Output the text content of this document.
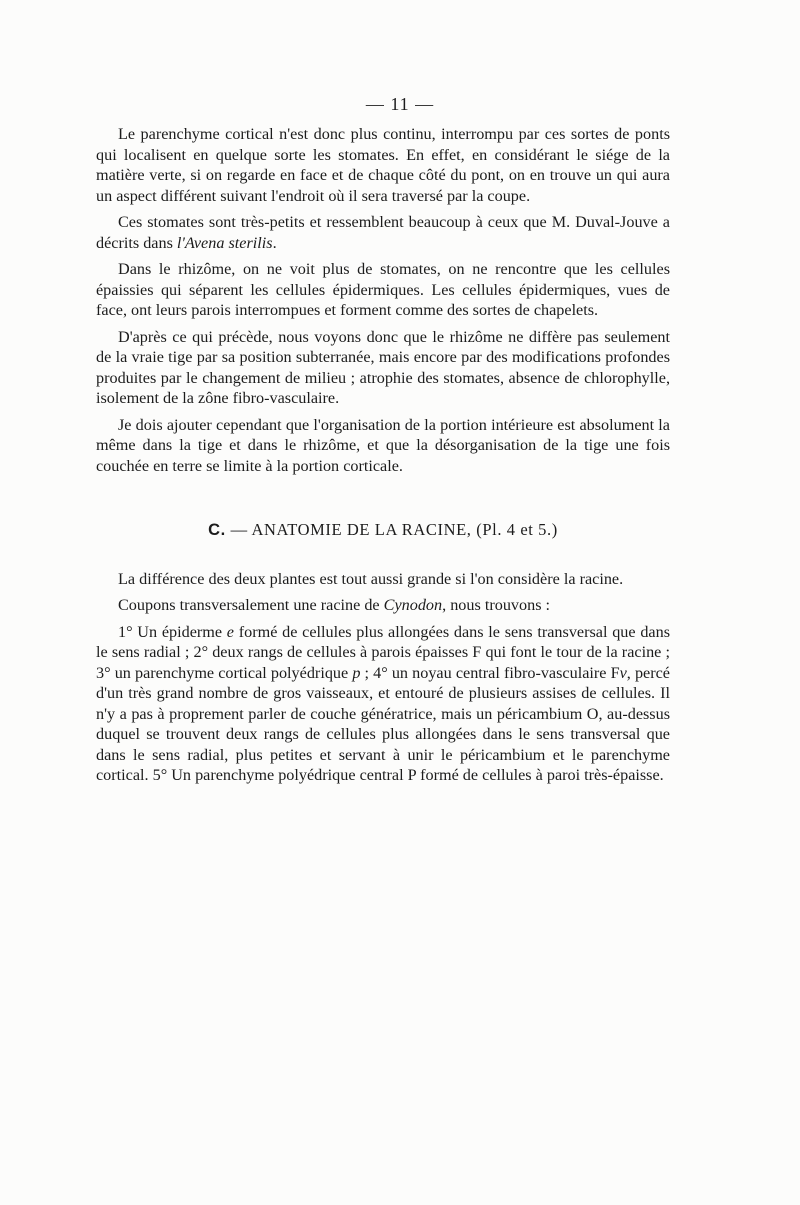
— 11 —

Le parenchyme cortical n'est donc plus continu, interrompu par ces sortes de ponts qui localisent en quelque sorte les stomates. En effet, en considérant le siége de la matière verte, si on regarde en face et de chaque côté du pont, on en trouve un qui aura un aspect différent suivant l'endroit où il sera traversé par la coupe.

Ces stomates sont très-petits et ressemblent beaucoup à ceux que M. Duval-Jouve a décrits dans l'Avena sterilis.

Dans le rhizôme, on ne voit plus de stomates, on ne rencontre que les cellules épaissies qui séparent les cellules épidermiques. Les cellules épidermiques, vues de face, ont leurs parois interrompues et forment comme des sortes de chapelets.

D'après ce qui précède, nous voyons donc que le rhizôme ne diffère pas seulement de la vraie tige par sa position subterranée, mais encore par des modifications profondes produites par le changement de milieu ; atrophie des stomates, absence de chlorophylle, isolement de la zône fibro-vasculaire.

Je dois ajouter cependant que l'organisation de la portion intérieure est absolument la même dans la tige et dans le rhizôme, et que la désorganisation de la tige une fois couchée en terre se limite à la portion corticale.

C. — ANATOMIE DE LA RACINE, (Pl. 4 et 5.)

La différence des deux plantes est tout aussi grande si l'on considère la racine.

Coupons transversalement une racine de Cynodon, nous trouvons :

1° Un épiderme e formé de cellules plus allongées dans le sens transversal que dans le sens radial ; 2° deux rangs de cellules à parois épaisses F qui font le tour de la racine ; 3° un parenchyme cortical polyédrique p ; 4° un noyau central fibro-vasculaire Fv, percé d'un très grand nombre de gros vaisseaux, et entouré de plusieurs assises de cellules. Il n'y a pas à proprement parler de couche génératrice, mais un péricambium O, au-dessus duquel se trouvent deux rangs de cellules plus allongées dans le sens transversal que dans le sens radial, plus petites et servant à unir le péricambium et le parenchyme cortical. 5° Un parenchyme polyédrique central P formé de cellules à paroi très-épaisse.
